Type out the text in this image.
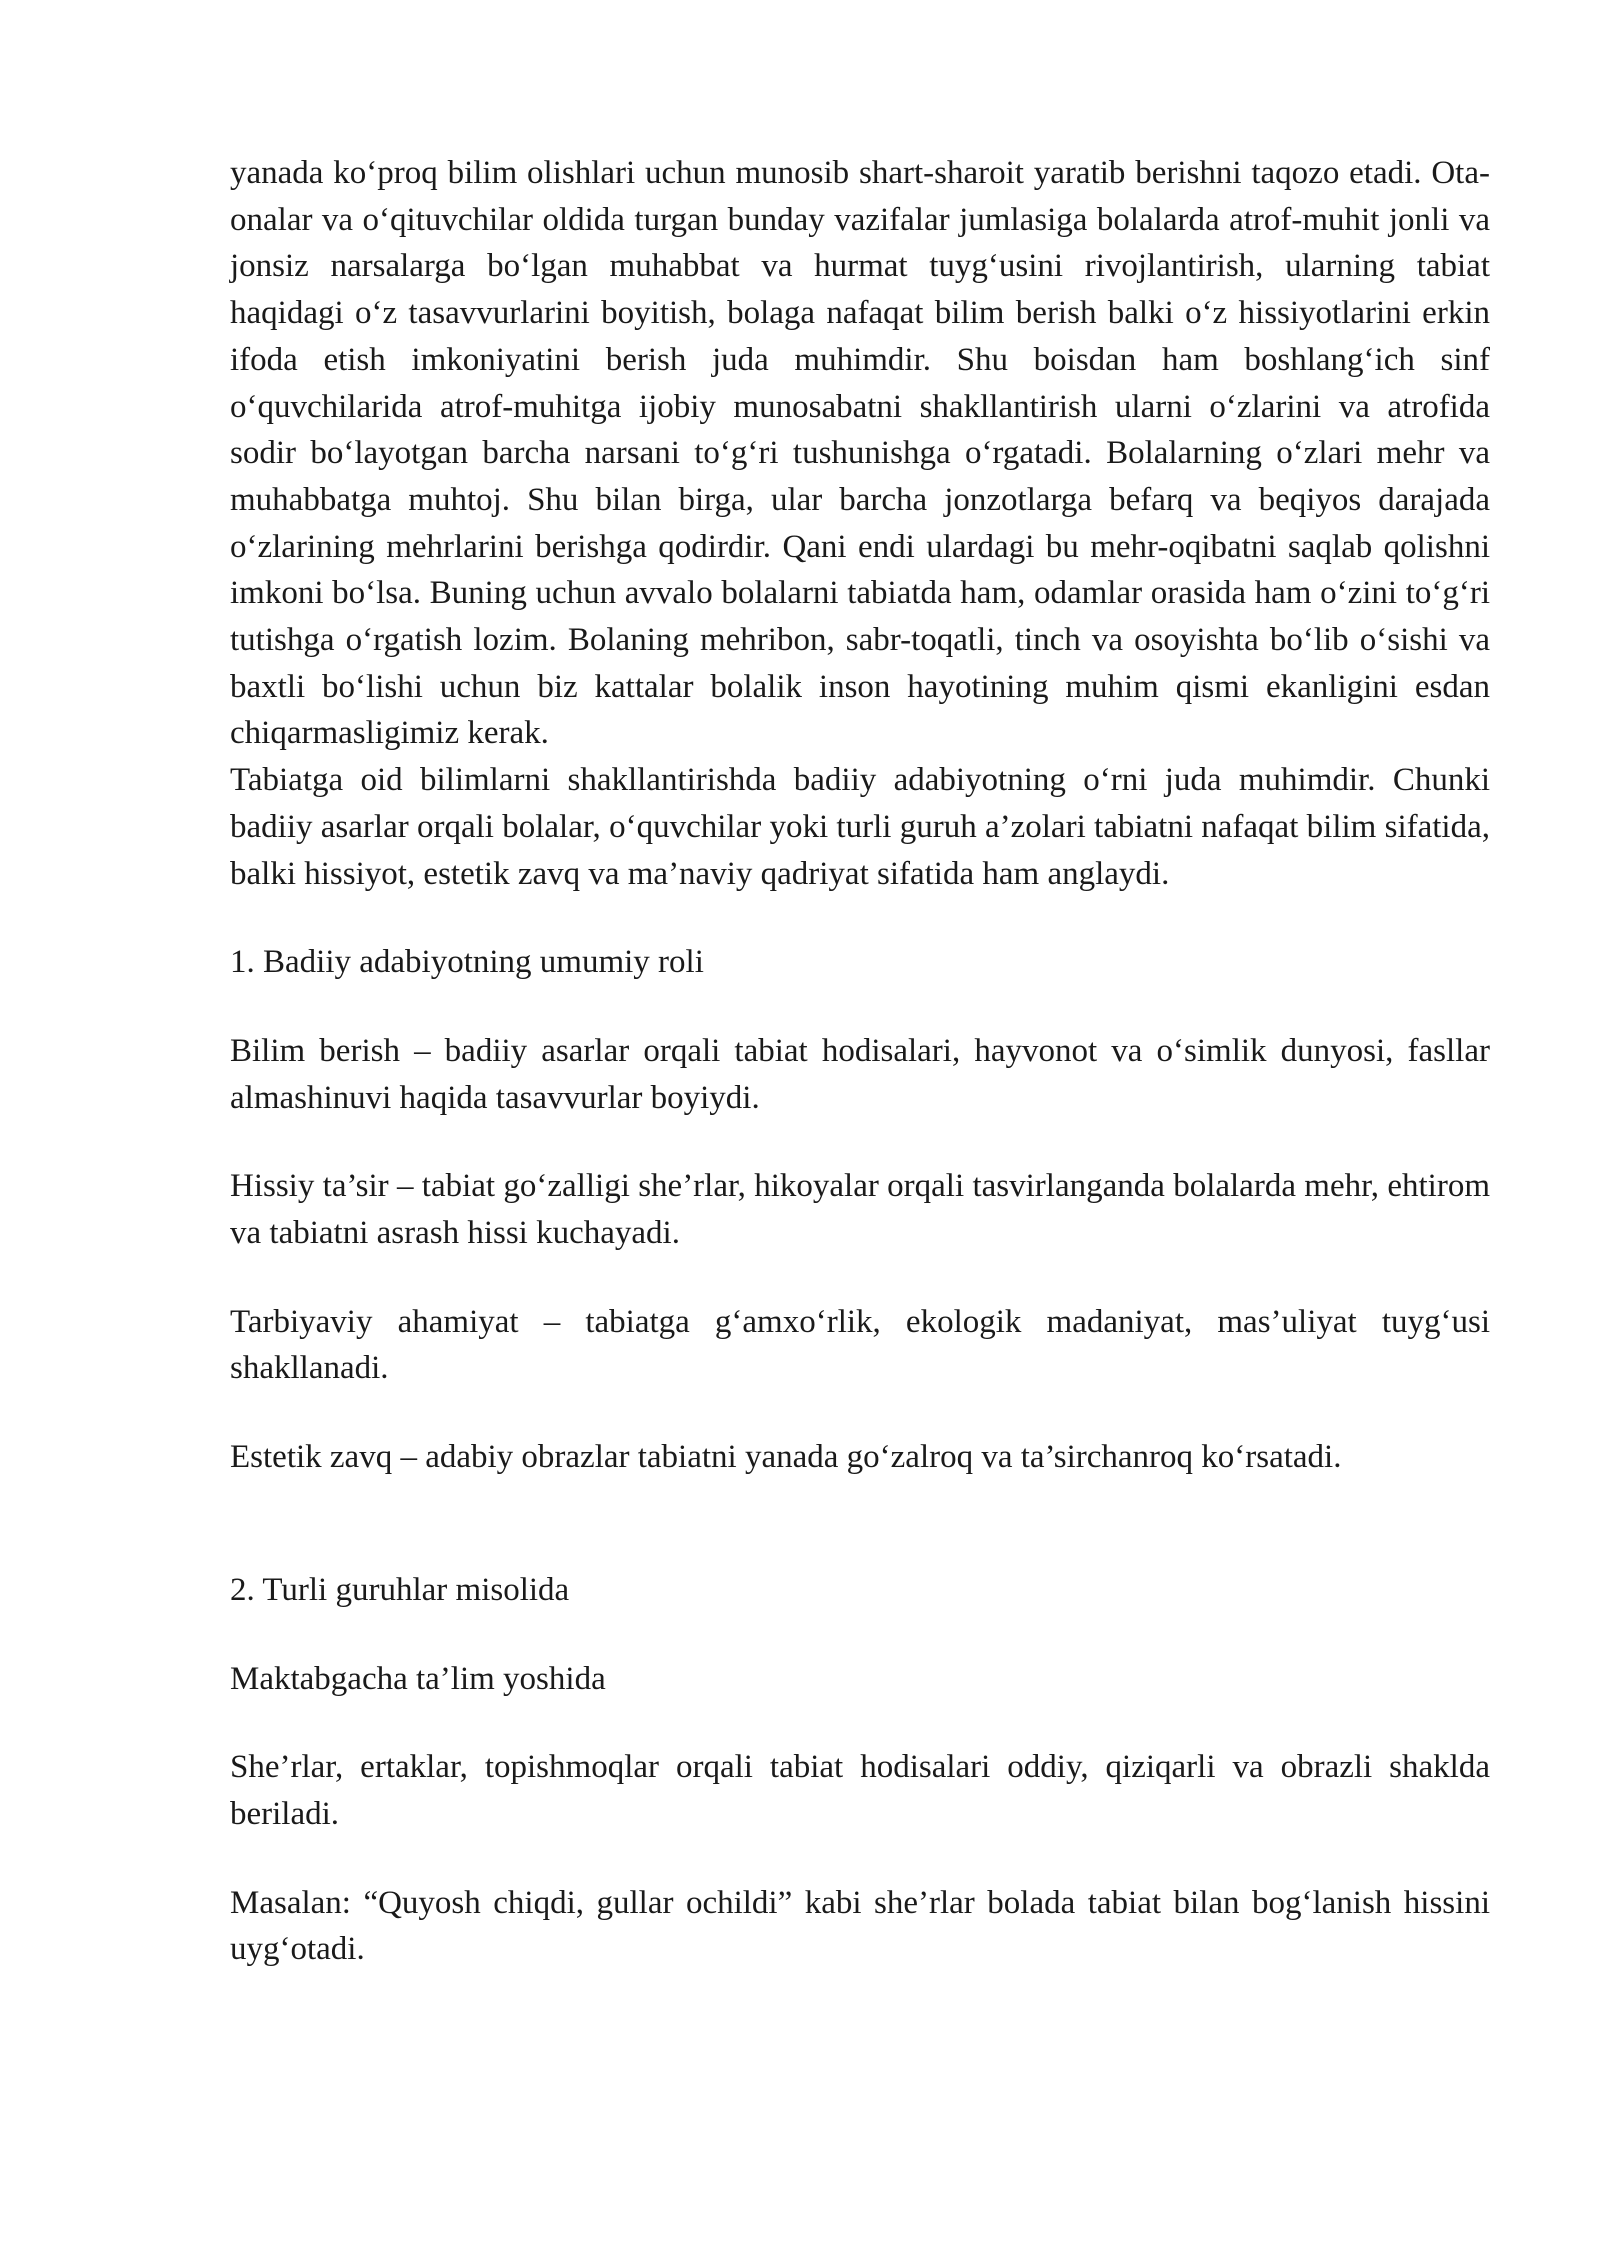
yanada ko‘proq bilim olishlari uchun munosib shart-sharoit yaratib berishni taqozo etadi. Ota-onalar va o‘qituvchilar oldida turgan bunday vazifalar jumlasiga bolalarda atrof-muhit jonli va jonsiz narsalarga bo‘lgan muhabbat va hurmat tuyg‘usini rivojlantirish, ularning tabiat haqidagi o‘z tasavvurlarini boyitish, bolaga nafaqat bilim berish balki o‘z hissiyotlarini erkin ifoda etish imkoniyatini berish juda muhimdir. Shu boisdan ham boshlang‘ich sinf o‘quvchilarida atrof-muhitga ijobiy munosabatni shakllantirish ularni o‘zlarini va atrofida sodir bo‘layotgan barcha narsani to‘g‘ri tushunishga o‘rgatadi. Bolalarning o‘zlari mehr va muhabbatga muhtoj. Shu bilan birga, ular barcha jonzotlarga befarq va beqiyos darajada o‘zlarining mehrlarini berishga qodirdir. Qani endi ulardagi bu mehr-oqibatni saqlab qolishni imkoni bo‘lsa. Buning uchun avvalo bolalarni tabiatda ham, odamlar orasida ham o‘zini to‘g‘ri tutishga o‘rgatish lozim. Bolaning mehribon, sabr-toqatli, tinch va osoyishta bo‘lib o‘sishi va baxtli bo‘lishi uchun biz kattalar bolalik inson hayotining muhim qismi ekanligini esdan chiqarmasligimiz kerak.

Tabiatga oid bilimlarni shakllantirishda badiiy adabiyotning o‘rni juda muhimdir. Chunki badiiy asarlar orqali bolalar, o‘quvchilar yoki turli guruh a’zolari tabiatni nafaqat bilim sifatida, balki hissiyot, estetik zavq va ma’naviy qadriyat sifatida ham anglaydi.

1. Badiiy adabiyotning umumiy roli

Bilim berish – badiiy asarlar orqali tabiat hodisalari, hayvonot va o‘simlik dunyosi, fasllar almashinuvi haqida tasavvurlar boyiydi.

Hissiy ta’sir – tabiat go‘zalligi she’rlar, hikoyalar orqali tasvirlanganda bolalarda mehr, ehtirom va tabiatni asrash hissi kuchayadi.

Tarbiyaviy ahamiyat – tabiatga g‘amxo‘rlik, ekologik madaniyat, mas’uliyat tuyg‘usi shakllanadi.

Estetik zavq – adabiy obrazlar tabiatni yanada go‘zalroq va ta’sirchanroq ko‘rsatadi.

2. Turli guruhlar misolida

Maktabgacha ta’lim yoshida

She’rlar, ertaklar, topishmoqlar orqali tabiat hodisalari oddiy, qiziqarli va obrazli shaklda beriladi.

Masalan: “Quyosh chiqdi, gullar ochildi” kabi she’rlar bolada tabiat bilan bog‘lanish hissini uyg‘otadi.
